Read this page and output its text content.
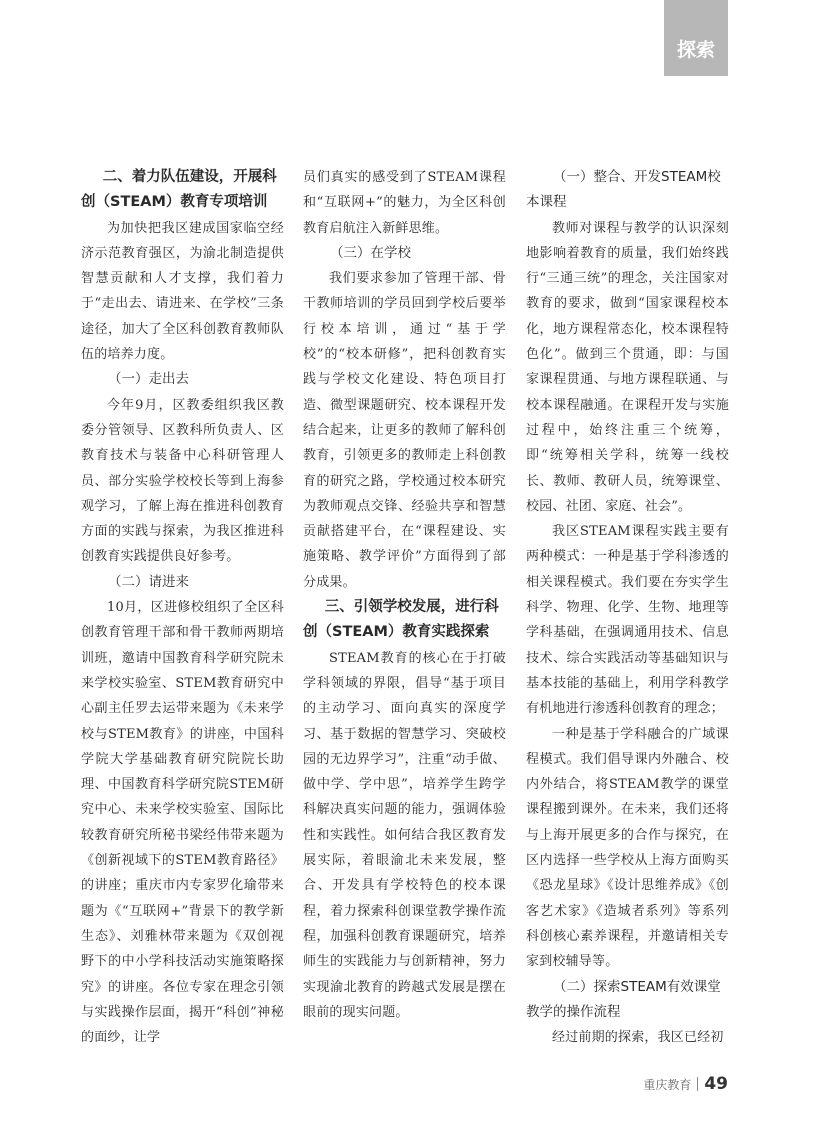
探索
二、着力队伍建设，开展科创（STEAM）教育专项培训

为加快把我区建成国家临空经济示范教育强区，为渝北制造提供智慧贡献和人才支撑，我们着力于“走出去、请进来、在学校”三条途径，加大了全区科创教育教师队伍的培养力度。

（一）走出去

今年9月，区教委组织我区教委分管领导、区教科所负责人、区教育技术与装备中心科研管理人员、部分实验学校校长等到上海参观学习，了解上海在推进科创教育方面的实践与探索，为我区推进科创教育实践提供良好参考。

（二）请进来

10月，区进修校组织了全区科创教育管理干部和骨干教师两期培训班，邀请中国教育科学研究院未来学校实验室、STEM教育研究中心副主任罗去运带来题为《未来学校与STEM教育》的讲座，中国科学院大学基础教育研究院院长助理、中国教育科学研究院STEM研究中心、未来学校实验室、国际比较教育研究所秘书梁经伟带来题为《创新视域下的STEM教育路径》的讲座；重庆市内专家罗化瑜带来题为《“互联网+”背景下的教学新生态》、刘雅林带来题为《双创视野下的中小学科技活动实施策略探究》的讲座。各位专家在理念引领与实践操作层面，揭开“科创”神秘的面纱，让学

员们真实的感受到了STEAM课程和“互联网+”的魅力，为全区科创教育启航注入新鲜思维。

（三）在学校

我们要求参加了管理干部、骨干教师培训的学员回到学校后要举行校本培训，通过“基于学校”的“校本研修”，把科创教育实践与学校文化建设、特色项目打造、微型课题研究、校本课程开发结合起来，让更多的教师了解科创教育，引领更多的教师走上科创教育的研究之路，学校通过校本研究为教师观点交锋、经验共享和智慧贡献搭建平台，在“课程建设、实施策略、教学评价”方面得到了部分成果。

三、引领学校发展，进行科创（STEAM）教育实践探索

STEAM教育的核心在于打破学科领域的界限，倡导“基于项目的主动学习、面向真实的深度学习、基于数据的智慧学习、突破校园的无边界学习”，注重“动手做、做中学、学中思”，培养学生跨学科解决真实问题的能力，强调体验性和实践性。如何结合我区教育发展实际，着眼渝北未来发展，整合、开发具有学校特色的校本课程，着力探索科创课堂教学操作流程，加强科创教育课题研究，培养师生的实践能力与创新精神，努力实现渝北教育的跨越式发展是摆在眼前的现实问题。

（一）整合、开发STEAM校本课程

教师对课程与教学的认识深刻地影响着教育的质量，我们始终践行“三通三统”的理念，关注国家对教育的要求，做到“国家课程校本化，地方课程常态化，校本课程特色化”。做到三个贯通，即：与国家课程贯通、与地方课程联通、与校本课程融通。在课程开发与实施过程中，始终注重三个统筹，即“统筹相关学科，统筹一线校长、教师、教研人员，统筹课堂、校园、社团、家庭、社会”。

我区STEAM课程实践主要有两种模式：一种是基于学科渗透的相关课程模式。我们要在夯实学生科学、物理、化学、生物、地理等学科基础，在强调通用技术、信息技术、综合实践活动等基础知识与基本技能的基础上，利用学科教学有机地进行渗透科创教育的理念；

一种是基于学科融合的广域课程模式。我们倡导课内外融合、校内外结合，将STEAM教学的课堂课程搬到课外。在未来，我们还将与上海开展更多的合作与探究，在区内选择一些学校从上海方面购买《恐龙星球》《设计思维养成》《创客艺术家》《造城者系列》等系列科创核心素养课程，并邀请相关专家到校辅导等。

（二）探索STEAM有效课堂教学的操作流程

经过前期的探索，我区已经初

重庆教育 49
